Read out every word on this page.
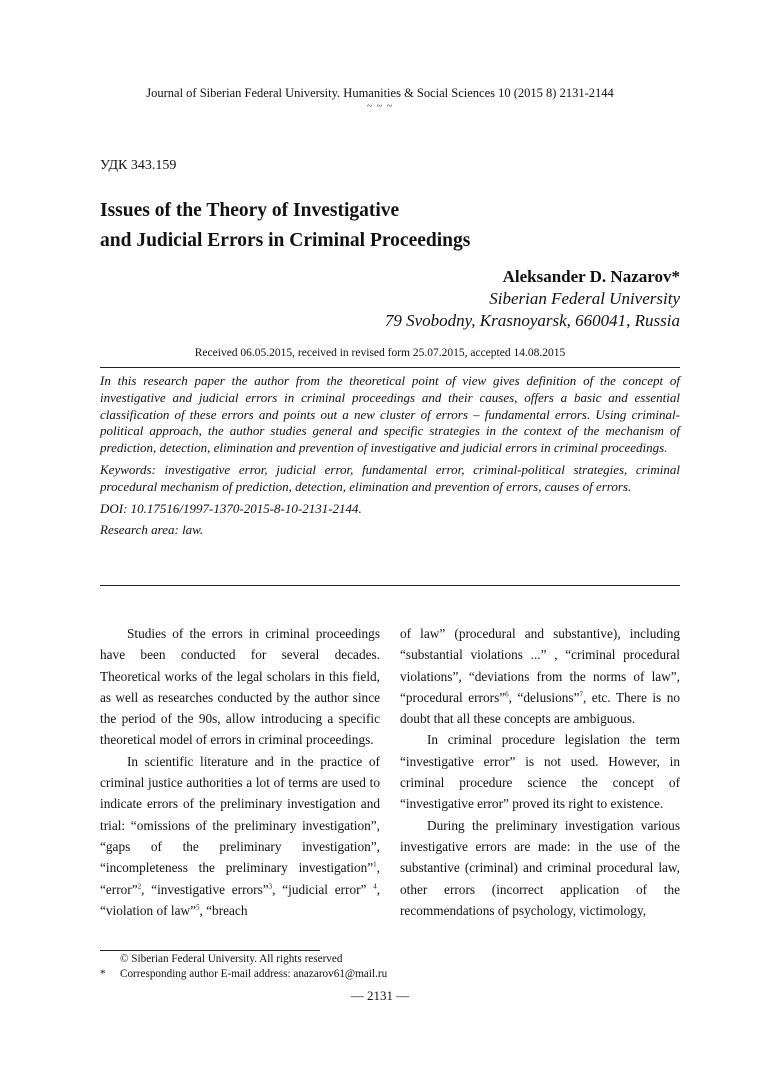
Journal of Siberian Federal University. Humanities & Social Sciences 10 (2015 8) 2131-2144
~ ~ ~
УДК 343.159
Issues of the Theory of Investigative
and Judicial Errors in Criminal Proceedings
Aleksander D. Nazarov*
Siberian Federal University
79 Svobodny, Krasnoyarsk, 660041, Russia
Received 06.05.2015, received in revised form 25.07.2015, accepted 14.08.2015

In this research paper the author from the theoretical point of view gives definition of the concept of investigative and judicial errors in criminal proceedings and their causes, offers a basic and essential classification of these errors and points out a new cluster of errors – fundamental errors. Using criminal-political approach, the author studies general and specific strategies in the context of the mechanism of prediction, detection, elimination and prevention of investigative and judicial errors in criminal proceedings.

Keywords: investigative error, judicial error, fundamental error, criminal-political strategies, criminal procedural mechanism of prediction, detection, elimination and prevention of errors, causes of errors.

DOI: 10.17516/1997-1370-2015-8-10-2131-2144.

Research area: law.

Studies of the errors in criminal proceedings have been conducted for several decades. Theoretical works of the legal scholars in this field, as well as researches conducted by the author since the period of the 90s, allow introducing a specific theoretical model of errors in criminal proceedings.

In scientific literature and in the practice of criminal justice authorities a lot of terms are used to indicate errors of the preliminary investigation and trial: “omissions of the preliminary investigation”, “gaps of the preliminary investigation”, “incompleteness the preliminary investigation”$^1$, “error”$^2$, “investigative errors”$^3$, “judicial error” $^4$, “violation of law”$^5$, “breach

of law” (procedural and substantive), including “substantial violations ...” , “criminal procedural violations”, “deviations from the norms of law”, “procedural errors”$^6$, “delusions”$^7$, etc. There is no doubt that all these concepts are ambiguous.

In criminal procedure legislation the term “investigative error” is not used. However, in criminal procedure science the concept of “investigative error” proved its right to existence.

During the preliminary investigation various investigative errors are made: in the use of the substantive (criminal) and criminal procedural law, other errors (incorrect application of the recommendations of psychology, victimology,

© Siberian Federal University. All rights reserved
*	Corresponding author E-mail address: anazarov61@mail.ru
— 2131 —
